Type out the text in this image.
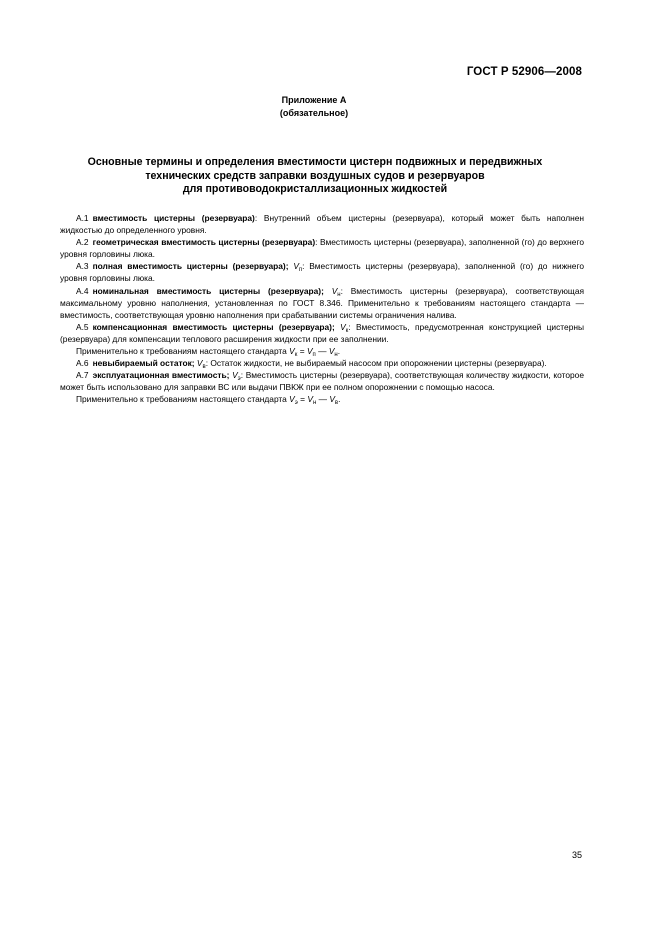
ГОСТ Р 52906—2008
Приложение А
(обязательное)
Основные термины и определения вместимости цистерн подвижных и передвижных
технических средств заправки воздушных судов и резервуаров
для противоводокристаллизационных жидкостей

А.1 вместимость цистерны (резервуара): Внутренний объем цистерны (резервуара), который может быть наполнен жидкостью до определенного уровня.

А.2 геометрическая вместимость цистерны (резервуара): Вместимость цистерны (резервуара), заполненной (го) до верхнего уровня горловины люка.

А.3 полная вместимость цистерны (резервуара); $V_п$: Вместимость цистерны (резервуара), заполненной (го) до нижнего уровня горловины люка.

А.4 номинальная вместимость цистерны (резервуара); $V_н$: Вместимость цистерны (резервуара), соответствующая максимальному уровню наполнения, установленная по ГОСТ 8.346. Применительно к требованиям настоящего стандарта — вместимость, соответствующая уровню наполнения при срабатывании системы ограничения налива.

А.5 компенсационная вместимость цистерны (резервуара); $V_к$: Вместимость, предусмотренная конструкцией цистерны (резервуара) для компенсации теплового расширения жидкости при ее заполнении.

Применительно к требованиям настоящего стандарта $V_к = V_п$ — $V_н$.

А.6 невыбираемый остаток; $V_в$: Остаток жидкости, не выбираемый насосом при опорожнении цистерны (резервуара).

А.7 эксплуатационная вместимость; $V_э$: Вместимость цистерны (резервуара), соответствующая количеству жидкости, которое может быть использовано для заправки ВС или выдачи ПВКЖ при ее полном опорожнении с помощью насоса.

Применительно к требованиям настоящего стандарта $V_э = V_н$ — $V_в$.

35
